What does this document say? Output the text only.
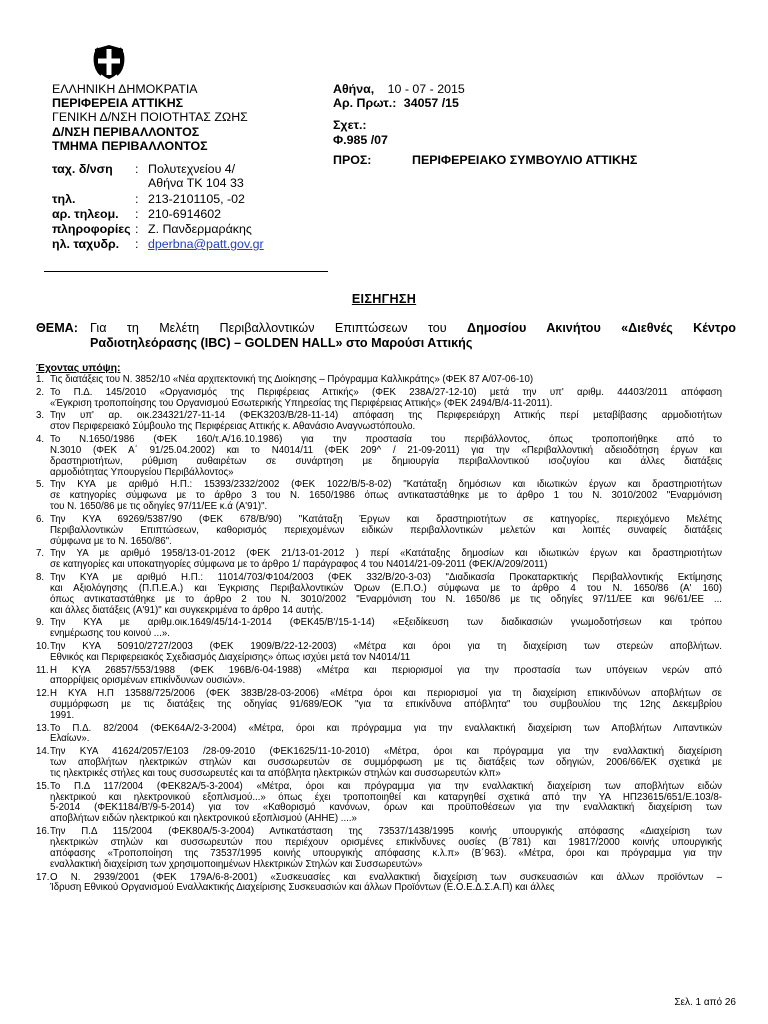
ΕΛΛΗΝΙΚΗ ΔΗΜΟΚΡΑΤΙΑ
ΠΕΡΙΦΕΡΕΙΑ ΑΤΤΙΚΗΣ
ΓΕΝΙΚΗ Δ/ΝΣΗ ΠΟΙΟΤΗΤΑΣ ΖΩΗΣ
Δ/ΝΣΗ ΠΕΡΙΒΑΛΛΟΝΤΟΣ
ΤΜΗΜΑ ΠΕΡΙΒΑΛΛΟΝΤΟΣ
Αθήνα, 10 - 07 - 2015
Αρ. Πρωτ.: 34057 /15
Σχετ.:
Φ.985 /07
ΠΡΟΣ:	ΠΕΡΙΦΕΡΕΙΑΚΟ ΣΥΜΒΟΥΛΙΟ ΑΤΤΙΚΗΣ
ταχ. δ/νση : Πολυτεχνείου 4/
Αθήνα ΤΚ 104 33
τηλ.	: 213-2101105, -02
αρ. τηλεομ. : 210-6914602
πληροφορίες : Ζ. Πανδερμαράκης
ηλ. ταχυδρ. : dperbna@patt.gov.gr
ΕΙΣΗΓΗΣΗ
ΘΕΜΑ: Για τη Μελέτη Περιβαλλοντικών Επιπτώσεων του Δημοσίου Ακινήτου «Διεθνές Κέντρο
Ραδιοτηλεόρασης (IBC) – GOLDEN HALL» στο Μαρούσι Αττικής
Έχοντας υπόψη:
1. Τις διατάξεις του Ν. 3852/10 «Νέα αρχιτεκτονική της Διοίκησης – Πρόγραμμα Καλλικράτης» (ΦΕΚ 87 Α/07-06-10)
2. Το Π.Δ. 145/2010 «Οργανισμός της Περιφέρειας Αττικής» (ΦΕΚ 238Α/27-12-10) μετά την υπ' αριθμ. 44403/2011 απόφαση
«Έγκριση τροποποίησης του Οργανισμού Εσωτερικής Υπηρεσίας της Περιφέρειας Αττικής» (ΦΕΚ 2494/Β/4-11-2011).
3. Την υπ' αρ. οικ.234321/27-11-14 (ΦΕΚ3203/Β/28-11-14) απόφαση της Περιφερειάρχη Αττικής περί μεταβίβασης αρμοδιοτήτων
στον Περιφερειακό Σύμβουλο της Περιφέρειας Αττικής κ. Αθανάσιο Αναγνωστόπουλο.
4. Το Ν.1650/1986 (ΦΕΚ 160/τ.Α/16.10.1986) για την προστασία του περιβάλλοντος, όπως τροποποιήθηκε από το
Ν.3010 (ΦΕΚ Α΄ 91/25.04.2002) και το Ν4014/11 (ΦΕΚ 209^ / 21-09-2011) για την «Περιβαλλοντική αδειοδότηση έργων και
δραστηριοτήτων, ρύθμιση αυθαιρέτων σε συνάρτηση με δημιουργία περιβαλλοντικού ισοζυγίου και άλλες διατάξεις
αρμοδιότητας Υπουργείου Περιβάλλοντος»
5. Την ΚΥΑ με αριθμό Η.Π.: 15393/2332/2002 (ΦΕΚ 1022/Β/5-8-02) "Κατάταξη δημόσιων και ιδιωτικών έργων και δραστηριοτήτων
σε κατηγορίες σύμφωνα με το άρθρο 3 του Ν. 1650/1986 όπως αντικαταστάθηκε με το άρθρο 1 του Ν. 3010/2002 "Εναρμόνιση
του Ν. 1650/86 με τις οδηγίες 97/11/ΕΕ κ.ά (Α'91)".
6. Την ΚΥΑ 69269/5387/90 (ΦΕΚ 678/Β/90) "Κατάταξη Έργων και δραστηριοτήτων σε κατηγορίες, περιεχόμενο Μελέτης
Περιβαλλοντικών Επιπτώσεων, καθορισμός περιεχομένων ειδικών περιβαλλοντικών μελετών και λοιπές συναφείς διατάξεις
σύμφωνα με το Ν. 1650/86".
7. Την ΥΑ με αριθμό 1958/13-01-2012 (ΦΕΚ 21/13-01-2012 ) περί «Κατάταξης δημοσίων και ιδιωτικών έργων και δραστηριοτήτων
σε κατηγορίες και υποκατηγορίες σύμφωνα με το άρθρο 1/ παράγραφος 4 του Ν4014/21-09-2011 (ΦΕΚ/Α/209/2011)
8. Την ΚΥΑ με αριθμό Η.Π.: 11014/703/Φ104/2003 (ΦΕΚ 332/Β/20-3-03) "Διαδικασία Προκαταρκτικής Περιβαλλοντικής Εκτίμησης
και Αξιολόγησης (Π.Π.Ε.Α.) και Έγκρισης Περιβαλλοντικών Όρων (Ε.Π.Ο.) σύμφωνα με το άρθρο 4 του Ν. 1650/86 (Α' 160)
όπως αντικαταστάθηκε με το άρθρο 2 του Ν. 3010/2002 "Εναρμόνιση του Ν. 1650/86 με τις οδηγίες 97/11/ΕΕ και 96/61/ΕΕ ...
και άλλες διατάξεις (Α'91)" και συγκεκριμένα το άρθρο 14 αυτής.
9. Την ΚΥΑ με αριθμ.οικ.1649/45/14-1-2014 (ΦΕΚ45/Β'/15-1-14) «Εξειδίκευση των διαδικασιών γνωμοδοτήσεων και τρόπου
ενημέρωσης του κοινού ...».
10. Την ΚΥΑ 50910/2727/2003 (ΦΕΚ 1909/Β/22-12-2003) «Μέτρα και όροι για τη διαχείριση των στερεών αποβλήτων.
Εθνικός και Περιφερειακός Σχεδιασμός Διαχείρισης» όπως ισχύει μετά τον Ν4014/11
11. Η ΚΥΑ 26857/553/1988 (ΦΕΚ 196Β/6-04-1988) «Μέτρα και περιορισμοί για την προστασία των υπόγειων νερών από
απορρίψεις ορισμένων επικίνδυνων ουσιών».
12. Η ΚΥΑ Η.Π 13588/725/2006 (ΦΕΚ 383Β/28-03-2006) «Μέτρα όροι και περιορισμοί για τη διαχείριση επικινδύνων αποβλήτων σε
συμμόρφωση με τις διατάξεις της οδηγίας 91/689/ΕΟΚ "για τα επικίνδυνα απόβλητα" του συμβουλίου της 12ης Δεκεμβρίου
1991.
13. Το Π.Δ. 82/2004 (ΦΕΚ64Α/2-3-2004) «Μέτρα, όροι και πρόγραμμα για την εναλλακτική διαχείριση των Αποβλήτων Λιπαντικών
Ελαίων».
14. Την ΚΥΑ 41624/2057/Ε103 /28-09-2010 (ΦΕΚ1625/11-10-2010) «Μέτρα, όροι και πρόγραμμα για την εναλλακτική διαχείριση
των αποβλήτων ηλεκτρικών στηλών και συσσωρευτών σε συμμόρφωση με τις διατάξεις των οδηγιών, 2006/66/ΕΚ σχετικά με
τις ηλεκτρικές στήλες και τους συσσωρευτές και τα απόβλητα ηλεκτρικών στηλών και συσσωρευτών κλπ»
15. Το Π.Δ 117/2004 (ΦΕΚ82Α/5-3-2004) «Μέτρα, όροι και πρόγραμμα για την εναλλακτική διαχείριση των αποβλήτων ειδών
ηλεκτρικού και ηλεκτρονικού εξοπλισμού...» όπως έχει τροποποιηθεί και καταργηθεί σχετικά από την ΥΑ ΗΠ23615/651/Ε.103/8-
5-2014 (ΦΕΚ1184/Β'/9-5-2014) για τον «Καθορισμό κανόνων, όρων και προϋποθέσεων για την εναλλακτική διαχείριση των
αποβλήτων ειδών ηλεκτρικού και ηλεκτρονικού εξοπλισμού (ΑΗΗΕ) ....»
16. Την Π.Δ 115/2004 (ΦΕΚ80Α/5-3-2004) Αντικατάσταση της 73537/1438/1995 κοινής υπουργικής απόφασης «Διαχείριση των
ηλεκτρικών στηλών και συσσωρευτών που περιέχουν ορισμένες επικίνδυνες ουσίες (Β΄781) και 19817/2000 κοινής υπουργικής
απόφασης «Τροποποίηση της 73537/1995 κοινής υπουργικής απόφασης κ.λ.π» (Β΄963). «Μέτρα, όροι και πρόγραμμα για την
εναλλακτική διαχείριση των χρησιμοποιημένων Ηλεκτρικών Στηλών και Συσσωρευτών»
17. Ο Ν. 2939/2001 (ΦΕΚ 179Α/6-8-2001) «Συσκευασίες και εναλλακτική διαχείριση των συσκευασιών και άλλων προϊόντων –
Ίδρυση Εθνικού Οργανισμού Εναλλακτικής Διαχείρισης Συσκευασιών και άλλων Προϊόντων (Ε.Ο.Ε.Δ.Σ.Α.Π) και άλλες
Σελ. 1 από 26
